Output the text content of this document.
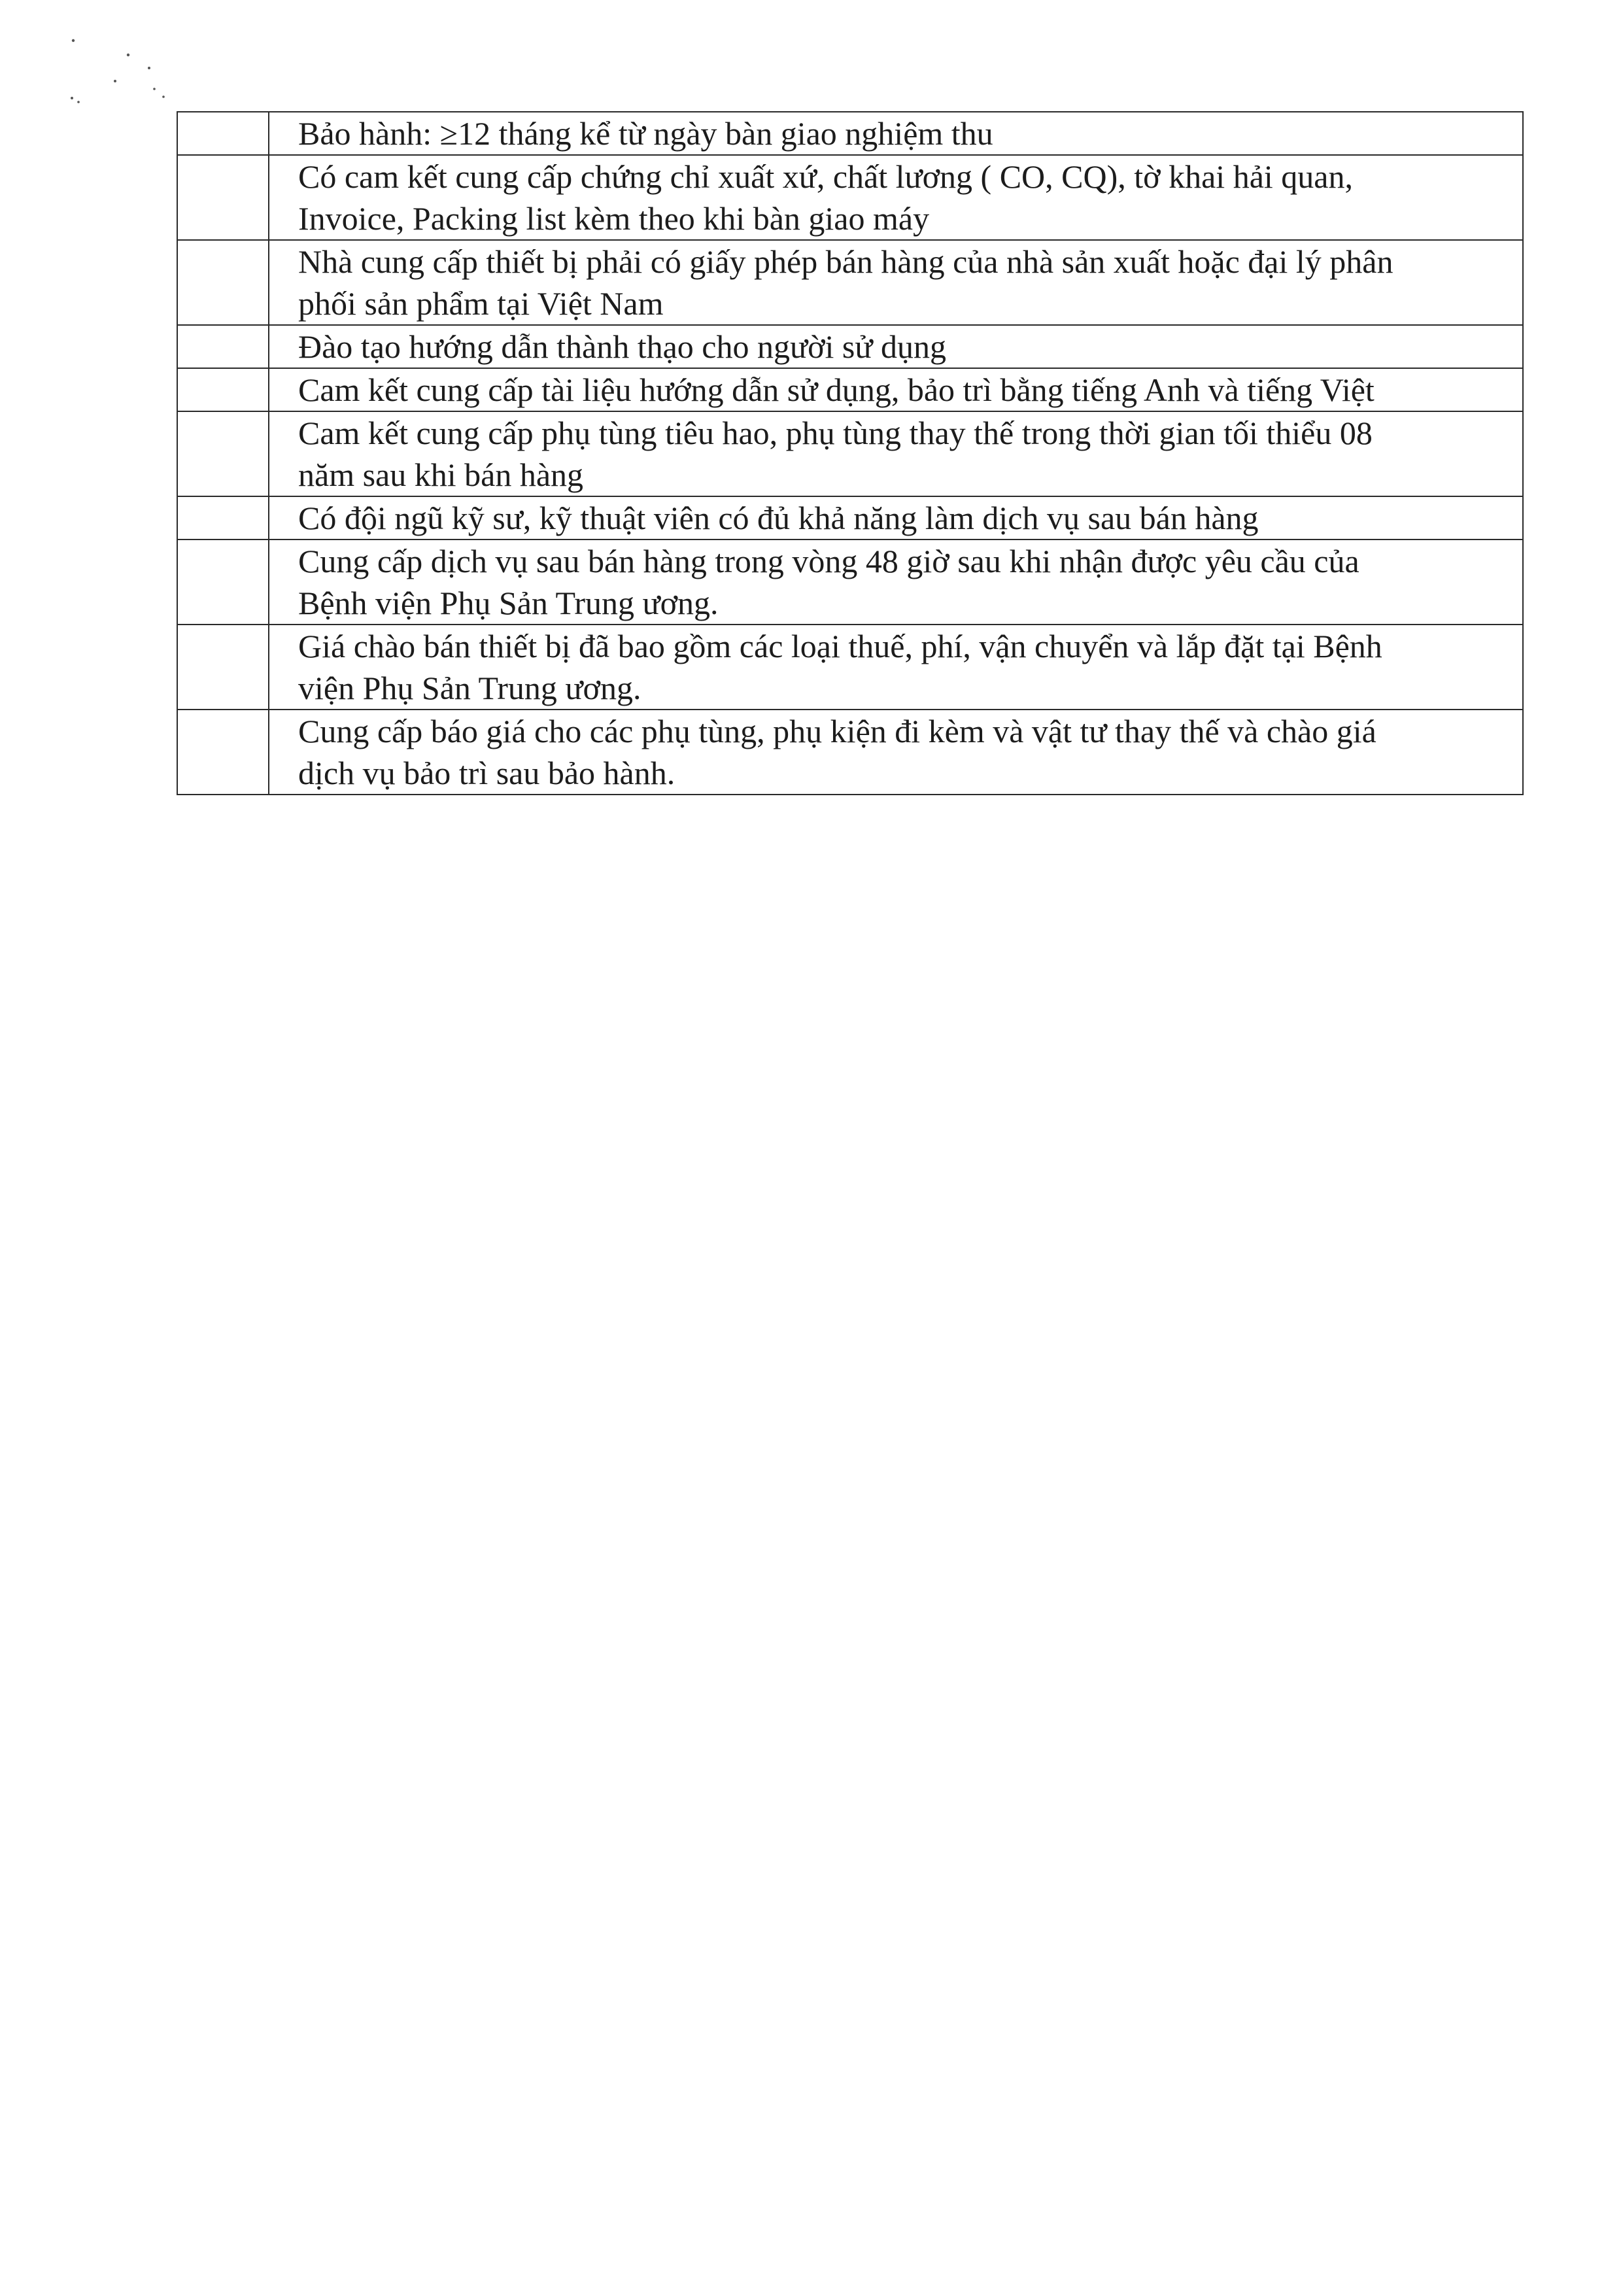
	Bảo hành: ≥12 tháng kể từ ngày bàn giao nghiệm thu
	Có cam kết cung cấp chứng chỉ xuất xứ, chất lương ( CO, CQ), tờ khai hải quan,
Invoice, Packing list kèm theo khi bàn giao máy
	Nhà cung cấp thiết bị phải có giấy phép bán hàng của nhà sản xuất hoặc đại lý phân
phối sản phẩm tại Việt Nam
	Đào tạo hướng dẫn thành thạo cho người sử dụng
	Cam kết cung cấp tài liệu hướng dẫn sử dụng, bảo trì bằng tiếng Anh và tiếng Việt
	Cam kết cung cấp phụ tùng tiêu hao, phụ tùng thay thế trong thời gian tối thiểu 08
năm sau khi bán hàng
	Có đội ngũ kỹ sư, kỹ thuật viên có đủ khả năng làm dịch vụ sau bán hàng
	Cung cấp dịch vụ sau bán hàng trong vòng 48 giờ sau khi nhận được yêu cầu của
Bệnh viện Phụ Sản Trung ương.
	Giá chào bán thiết bị đã bao gồm các loại thuế, phí, vận chuyển và lắp đặt tại Bệnh
viện Phụ Sản Trung ương.
	Cung cấp báo giá cho các phụ tùng, phụ kiện đi kèm và vật tư thay thế và chào giá
dịch vụ bảo trì sau bảo hành.
